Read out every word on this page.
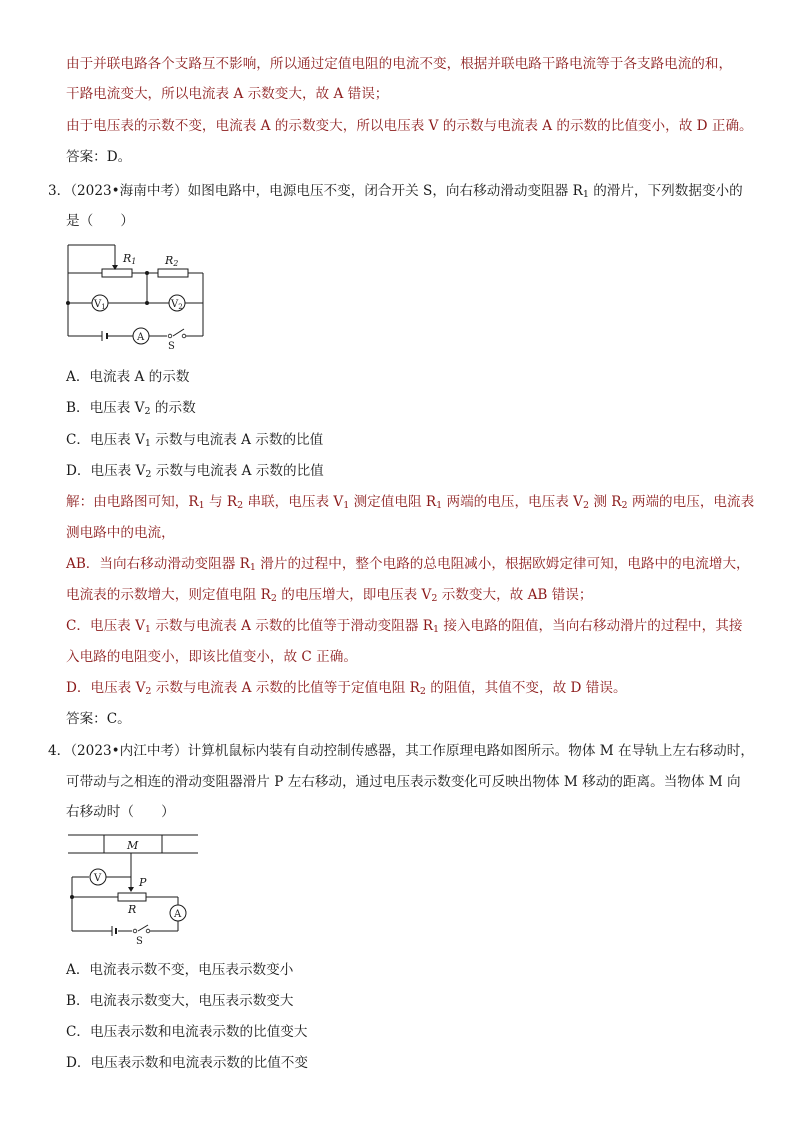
由于并联电路各个支路互不影响，所以通过定值电阻的电流不变，根据并联电路干路电流等于各支路电流的和，
干路电流变大，所以电流表 A 示数变大，故 A 错误；
由于电压表的示数不变，电流表 A 的示数变大，所以电压表 V 的示数与电流表 A 的示数的比值变小，故 D 正确。
答案：D。
3．（2023•海南中考）如图电路中，电源电压不变，闭合开关 S，向右移动滑动变阻器 $R_1$ 的滑片，下列数据变小的
是（　　）
R1	R2
$V_1$	$V_2$
A
S
A．电流表 A 的示数
B．电压表 $V_2$ 的示数
C．电压表 $V_1$ 示数与电流表 A 示数的比值
D．电压表 $V_2$ 示数与电流表 A 示数的比值
解：由电路图可知，$R_1$ 与 $R_2$ 串联，电压表 $V_1$ 测定值电阻 $R_1$ 两端的电压，电压表 $V_2$ 测 $R_2$ 两端的电压，电流表
测电路中的电流，
AB．当向右移动滑动变阻器 $R_1$ 滑片的过程中，整个电路的总电阻减小，根据欧姆定律可知，电路中的电流增大，
电流表的示数增大，则定值电阻 $R_2$ 的电压增大，即电压表 $V_2$ 示数变大，故 AB 错误；
C．电压表 $V_1$ 示数与电流表 A 示数的比值等于滑动变阻器 $R_1$ 接入电路的阻值，当向右移动滑片的过程中，其接
入电路的电阻变小，即该比值变小，故 C 正确。
D．电压表 $V_2$ 示数与电流表 A 示数的比值等于定值电阻 $R_2$ 的阻值，其值不变，故 D 错误。
答案：C。
4．（2023•内江中考）计算机鼠标内装有自动控制传感器，其工作原理电路如图所示。物体 M 在导轨上左右移动时，
可带动与之相连的滑动变阻器滑片 P 左右移动，通过电压表示数变化可反映出物体 M 移动的距离。当物体 M 向
右移动时（　　）
M
V	P
R	A
S
A．电流表示数不变，电压表示数变小
B．电流表示数变大，电压表示数变大
C．电压表示数和电流表示数的比值变大
D．电压表示数和电流表示数的比值不变
